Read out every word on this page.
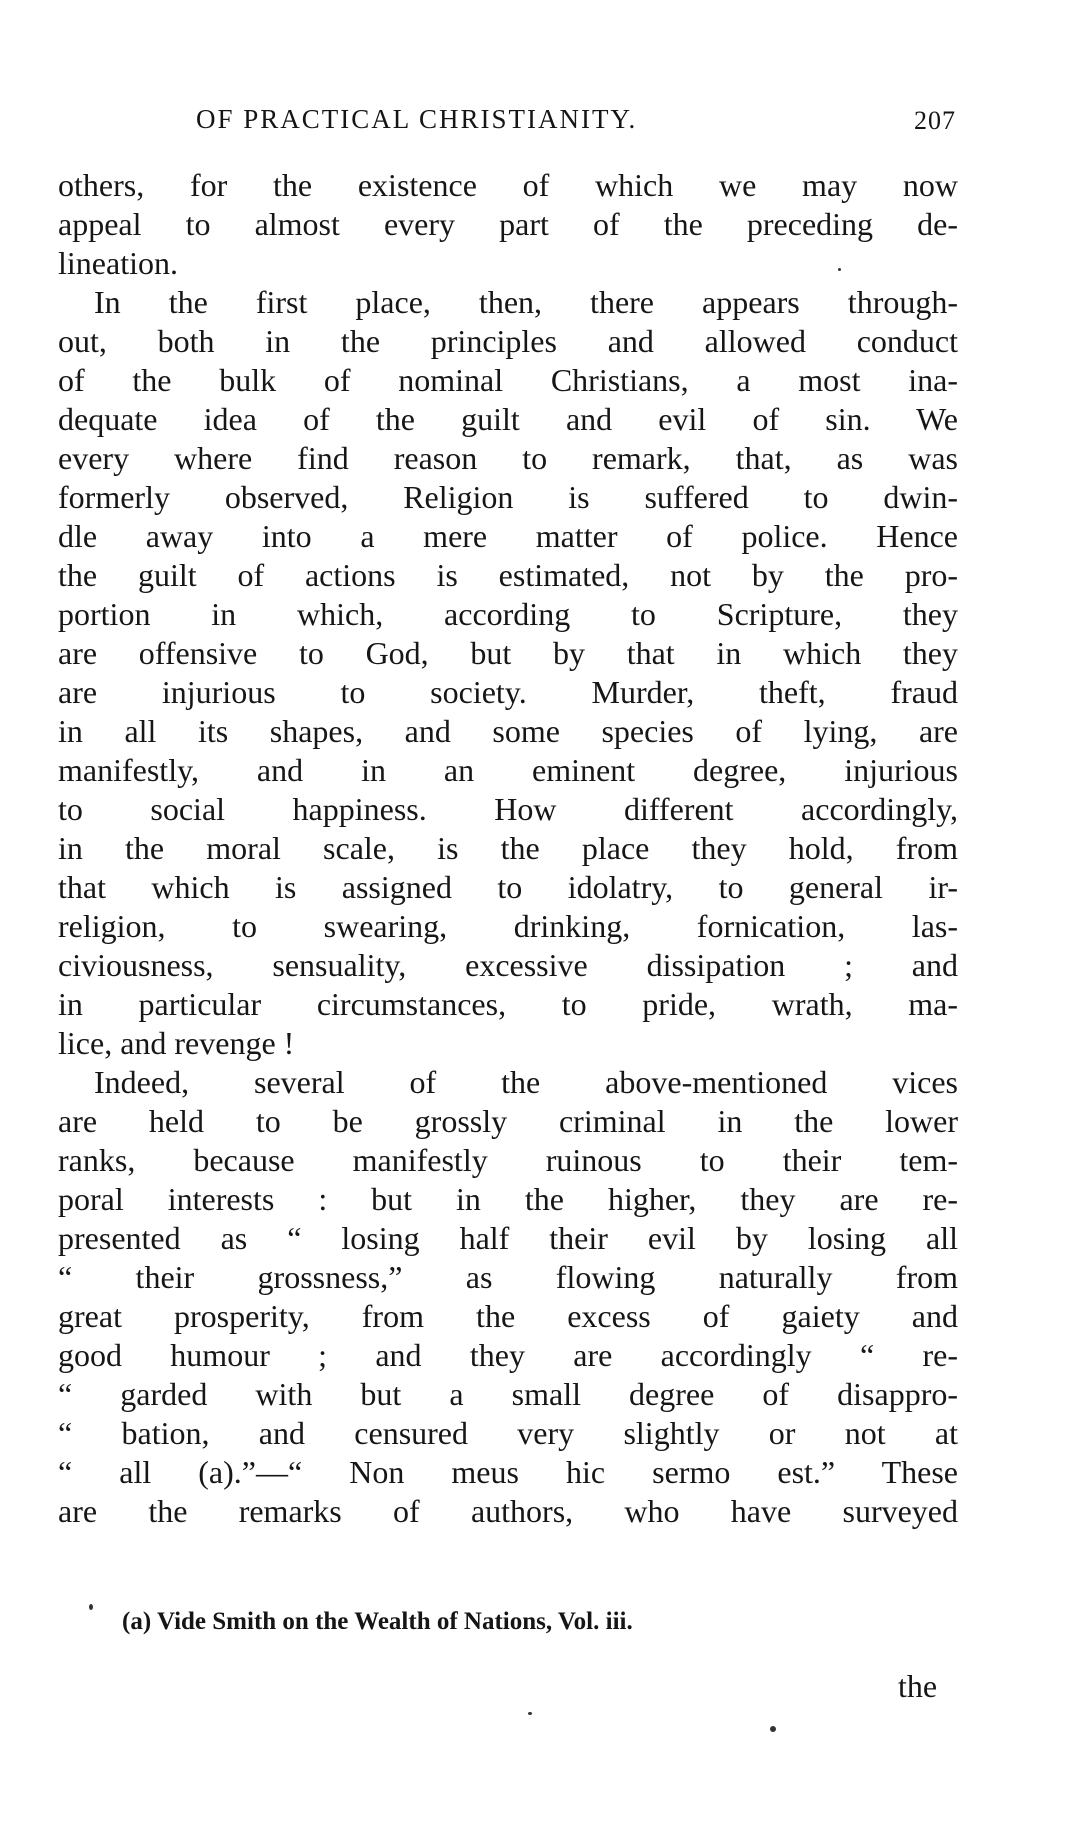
OF PRACTICAL CHRISTIANITY.	207
others, for the existence of which we may now
appeal to almost every part of the preceding de-
lineation.
In the first place, then, there appears through-
out, both in the principles and allowed conduct
of the bulk of nominal Christians, a most ina-
dequate idea of the guilt and evil of sin. We
every where find reason to remark, that, as was
formerly observed, Religion is suffered to dwin-
dle away into a mere matter of police. Hence
the guilt of actions is estimated, not by the pro-
portion in which, according to Scripture, they
are offensive to God, but by that in which they
are injurious to society. Murder, theft, fraud
in all its shapes, and some species of lying, are
manifestly, and in an eminent degree, injurious
to social happiness. How different accordingly,
in the moral scale, is the place they hold, from
that which is assigned to idolatry, to general ir-
religion, to swearing, drinking, fornication, las-
civiousness, sensuality, excessive dissipation ; and
in particular circumstances, to pride, wrath, ma-
lice, and revenge !
Indeed, several of the above-mentioned vices
are held to be grossly criminal in the lower
ranks, because manifestly ruinous to their tem-
poral interests : but in the higher, they are re-
presented as “ losing half their evil by losing all
“ their grossness,” as flowing naturally from
great prosperity, from the excess of gaiety and
good humour ; and they are accordingly “ re-
“ garded with but a small degree of disappro-
“ bation, and censured very slightly or not at
“ all (a).”—“ Non meus hic sermo est.” These
are the remarks of authors, who have surveyed
(a) Vide Smith on the Wealth of Nations, Vol. iii.
the
